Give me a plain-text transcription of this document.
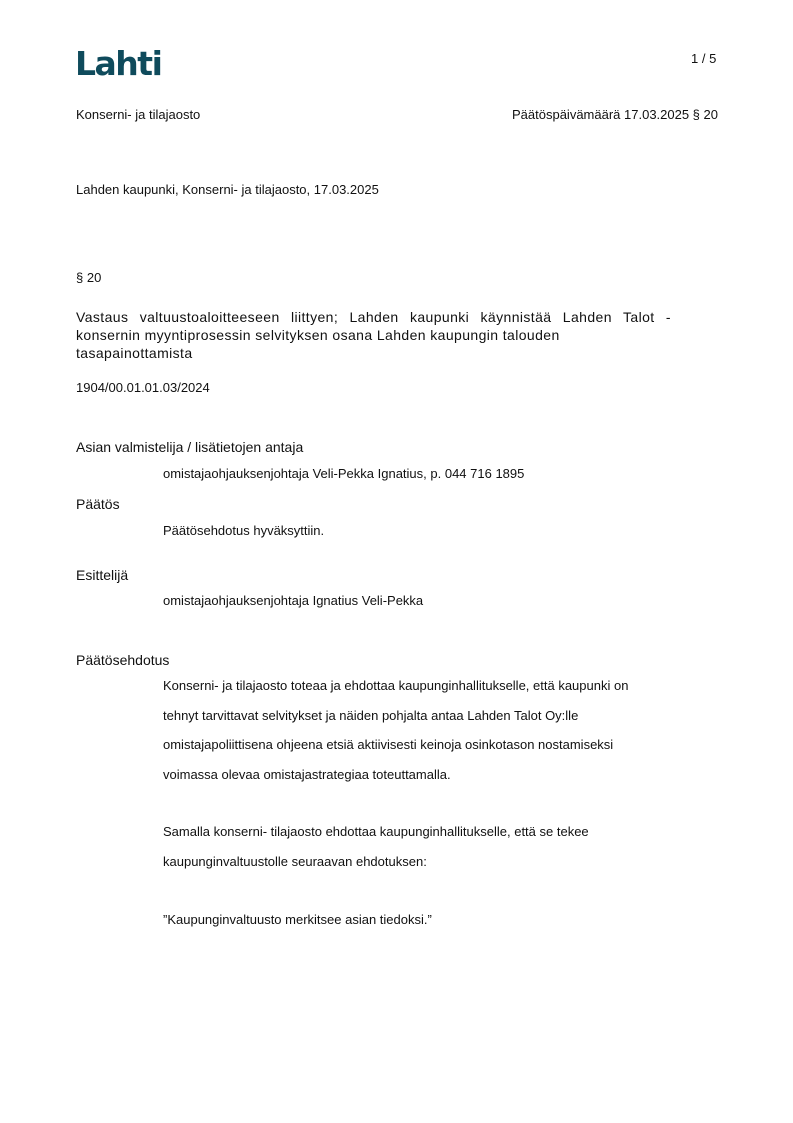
Lahti	1 / 5
Konserni- ja tilajaosto	Päätöspäivämäärä 17.03.2025 § 20
Lahden kaupunki, Konserni- ja tilajaosto, 17.03.2025
§ 20
Vastaus valtuustoaloitteeseen liittyen; Lahden kaupunki käynnistää Lahden Talot -
konsernin myyntiprosessin selvityksen osana Lahden kaupungin talouden
tasapainottamista
1904/00.01.01.03/2024
Asian valmistelija / lisätietojen antaja
omistajaohjauksenjohtaja Veli-Pekka Ignatius, p. 044 716 1895
Päätös
Päätösehdotus hyväksyttiin.
Esittelijä
omistajaohjauksenjohtaja Ignatius Veli-Pekka
Päätösehdotus
Konserni- ja tilajaosto toteaa ja ehdottaa kaupunginhallitukselle, että kaupunki on
tehnyt tarvittavat selvitykset ja näiden pohjalta antaa Lahden Talot Oy:lle
omistajapoliittisena ohjeena etsiä aktiivisesti keinoja osinkotason nostamiseksi
voimassa olevaa omistajastrategiaa toteuttamalla.
Samalla konserni- tilajaosto ehdottaa kaupunginhallitukselle, että se tekee
kaupunginvaltuustolle seuraavan ehdotuksen:
”Kaupunginvaltuusto merkitsee asian tiedoksi.”
